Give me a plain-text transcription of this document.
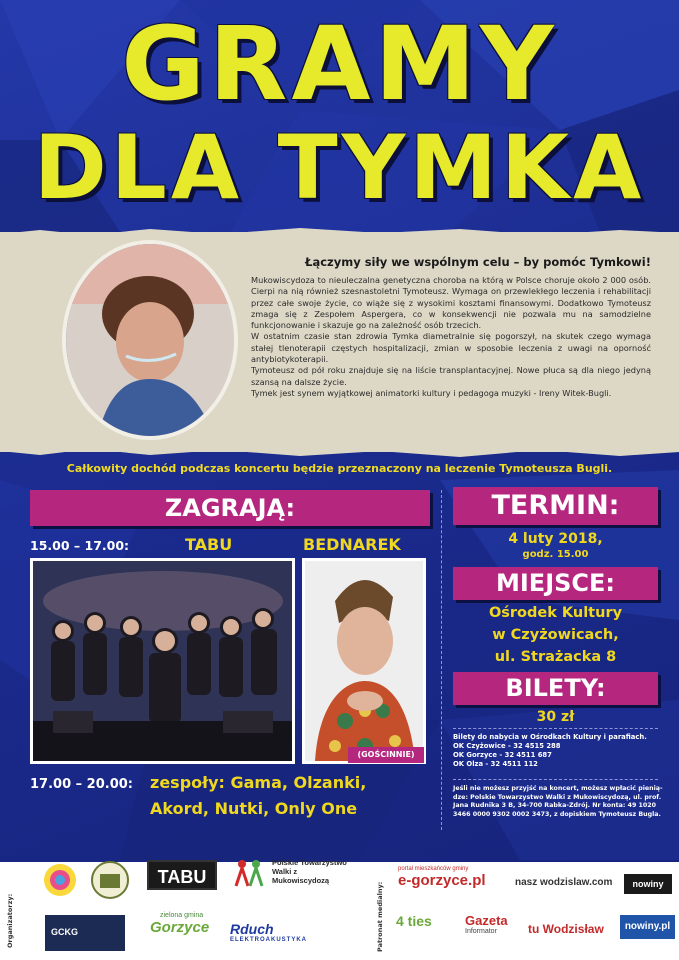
GRAMY
DLA TYMKA
Łączymy siły we wspólnym celu – by pomóc Tymkowi!

Mukowiscydoza to nieuleczalna genetyczna choroba na którą w Polsce choruje około 2 000 osób. Cierpi na nią również szesnastoletni Tymoteusz. Wymaga on przewlekłego leczenia i rehabilitacji przez całe swoje życie, co wiąże się z wysokimi kosztami finansowymi. Dodatkowo Tymoteusz zmaga się z Zespołem Aspergera, co w konsekwencji nie pozwala mu na samodzielne funkcjonowanie i skazuje go na zależność osób trzecich.

W ostatnim czasie stan zdrowia Tymka diametralnie się pogorszył, na skutek czego wymaga stałej tlenoterapii częstych hospitalizacji, zmian w sposobie leczenia z uwagi na oporność antybiotykoterapii.

Tymoteusz od pół roku znajduje się na liście transplantacyjnej. Nowe płuca są dla niego jedyną szansą na dalsze życie.

Tymek jest synem wyjątkowej animatorki kultury i pedagoga muzyki - Ireny Witek-Bugli.

Całkowity dochód podczas koncertu będzie przeznaczony na leczenie Tymoteusza Bugli.
ZAGRAJĄ:
15.00 – 17.00:	TABU	BEDNAREK
(GOŚCINNIE)
17.00 – 20.00: zespoły: Gama, Olzanki,
Akord, Nutki, Only One
TERMIN:
4 luty 2018,
godz. 15.00
MIEJSCE:
Ośrodek Kultury
w Czyżowicach,
ul. Strażacka 8
BILETY:
30 zł
Bilety do nabycia w Ośrodkach Kultury i parafiach.
OK Czyżowice - 32 4515 288
OK Gorzyce - 32 4511 687
OK Olza - 32 4511 112
Jeśli nie możesz przyjść na koncert, możesz wpłacić pienią- dze: Polskie Towarzystwo Walki z Mukowiscydozą, ul. prof. Jana Rudnika 3 B, 34-700 Rabka-Zdrój. Nr konta: 49 1020 3466 0000 9302 0002 3473, z dopiskiem Tymoteusz Bugla.
Organizatorzy:	Patronat medialny:
TABU
Polskie Towarzystwo
Walki z Mukowiscydozą
GCKG
zielona gmina
Gorzyce	Rduch
ELEKTROAKUSTYKA
portal mieszkańców gminy
e-gorzyce.pl	nasz wodzislaw.com	nowiny
4 ties	Gazeta
Informator	tu Wodzisław	nowiny.pl
